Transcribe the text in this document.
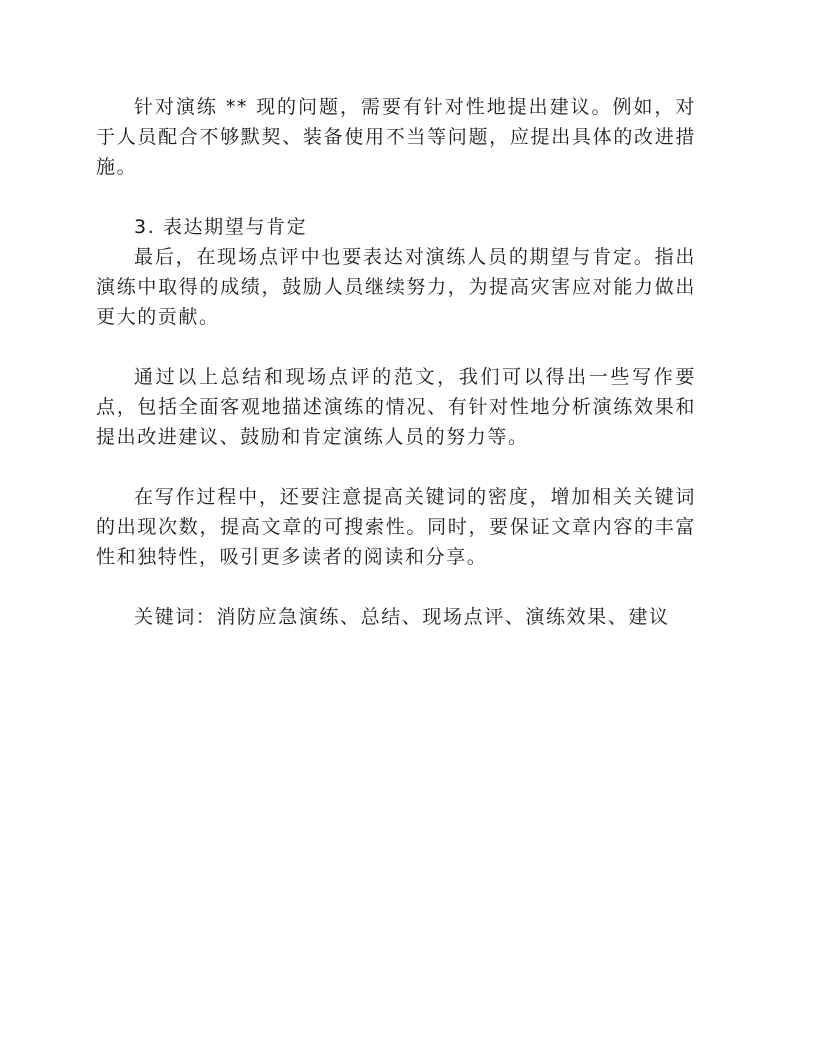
针对演练 ** 现的问题，需要有针对性地提出建议。例如，对于人员配合不够默契、装备使用不当等问题，应提出具体的改进措施。

3. 表达期望与肯定

最后，在现场点评中也要表达对演练人员的期望与肯定。指出演练中取得的成绩，鼓励人员继续努力，为提高灾害应对能力做出更大的贡献。

通过以上总结和现场点评的范文，我们可以得出一些写作要点，包括全面客观地描述演练的情况、有针对性地分析演练效果和提出改进建议、鼓励和肯定演练人员的努力等。

在写作过程中，还要注意提高关键词的密度，增加相关关键词的出现次数，提高文章的可搜索性。同时，要保证文章内容的丰富性和独特性，吸引更多读者的阅读和分享。

关键词：消防应急演练、总结、现场点评、演练效果、建议
